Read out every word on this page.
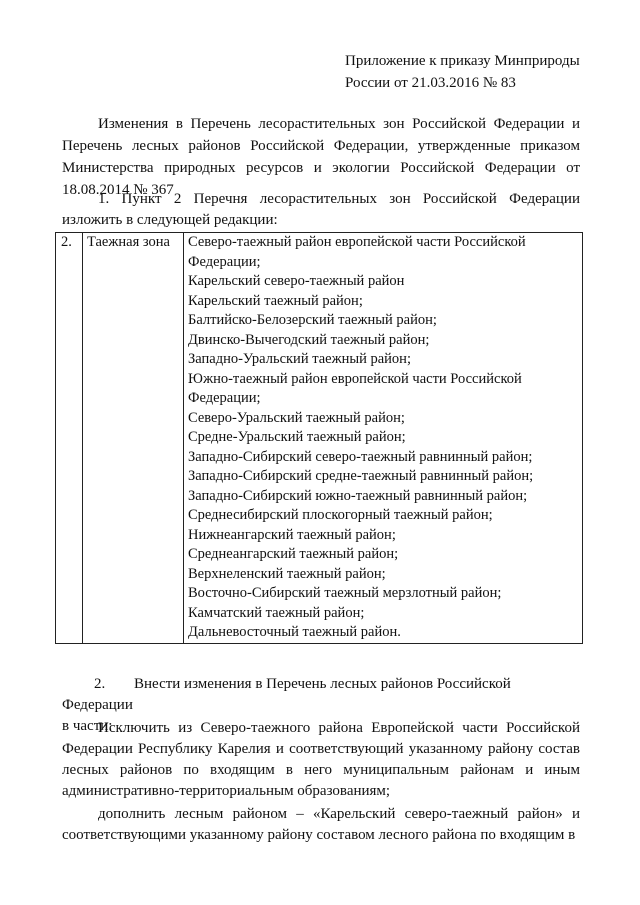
Приложение к приказу Минприроды
России от 21.03.2016 № 83
Изменения в Перечень лесорастительных зон Российской Федерации и Перечень лесных районов Российской Федерации, утвержденные приказом Министерства природных ресурсов и экологии Российской Федерации от 18.08.2014 № 367
1. Пункт 2 Перечня лесорастительных зон Российской Федерации изложить в следующей редакции:
2.	Таежная зона	Северо-таежный район европейской части Российской
Федерации;
Карельский северо-таежный район
Карельский таежный район;
Балтийско-Белозерский таежный район;
Двинско-Вычегодский таежный район;
Западно-Уральский таежный район;
Южно-таежный район европейской части Российской
Федерации;
Северо-Уральский таежный район;
Средне-Уральский таежный район;
Западно-Сибирский северо-таежный равнинный район;
Западно-Сибирский средне-таежный равнинный район;
Западно-Сибирский южно-таежный равнинный район;
Среднесибирский плоскогорный таежный район;
Нижнеангарский таежный район;
Среднеангарский таежный район;
Верхнеленский таежный район;
Восточно-Сибирский таежный мерзлотный район;
Камчатский таежный район;
Дальневосточный таежный район.
2. Внести изменения в Перечень лесных районов Российской Федерации
в части:
Исключить из Северо-таежного района Европейской части Российской Федерации Республику Карелия и соответствующий указанному району состав лесных районов по входящим в него муниципальным районам и иным административно-территориальным образованиям;
дополнить лесным районом – «Карельский северо-таежный район» и соответствующими указанному району составом лесного района по входящим в
